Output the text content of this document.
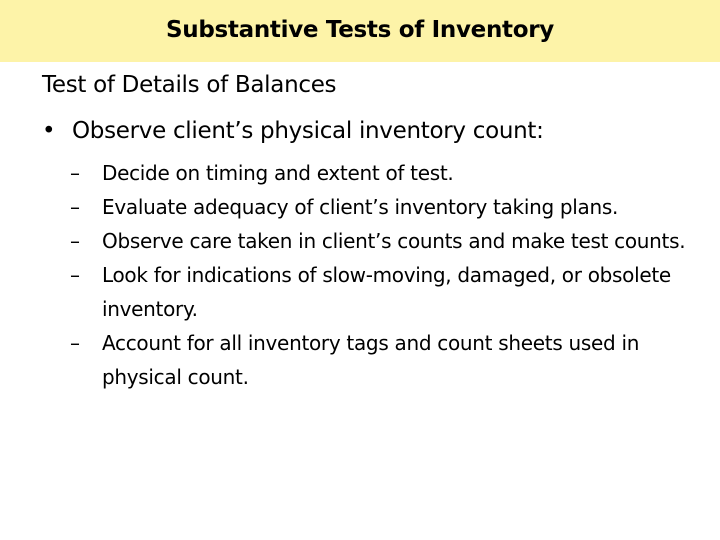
Substantive Tests of Inventory
Test of Details of Balances
• Observe client’s physical inventory count:
– Decide on timing and extent of test.
– Evaluate adequacy of client’s inventory taking plans.
– Observe care taken in client’s counts and make test counts.
– Look for indications of slow-moving, damaged, or obsolete inventory.
– Account for all inventory tags and count sheets used in physical count.
